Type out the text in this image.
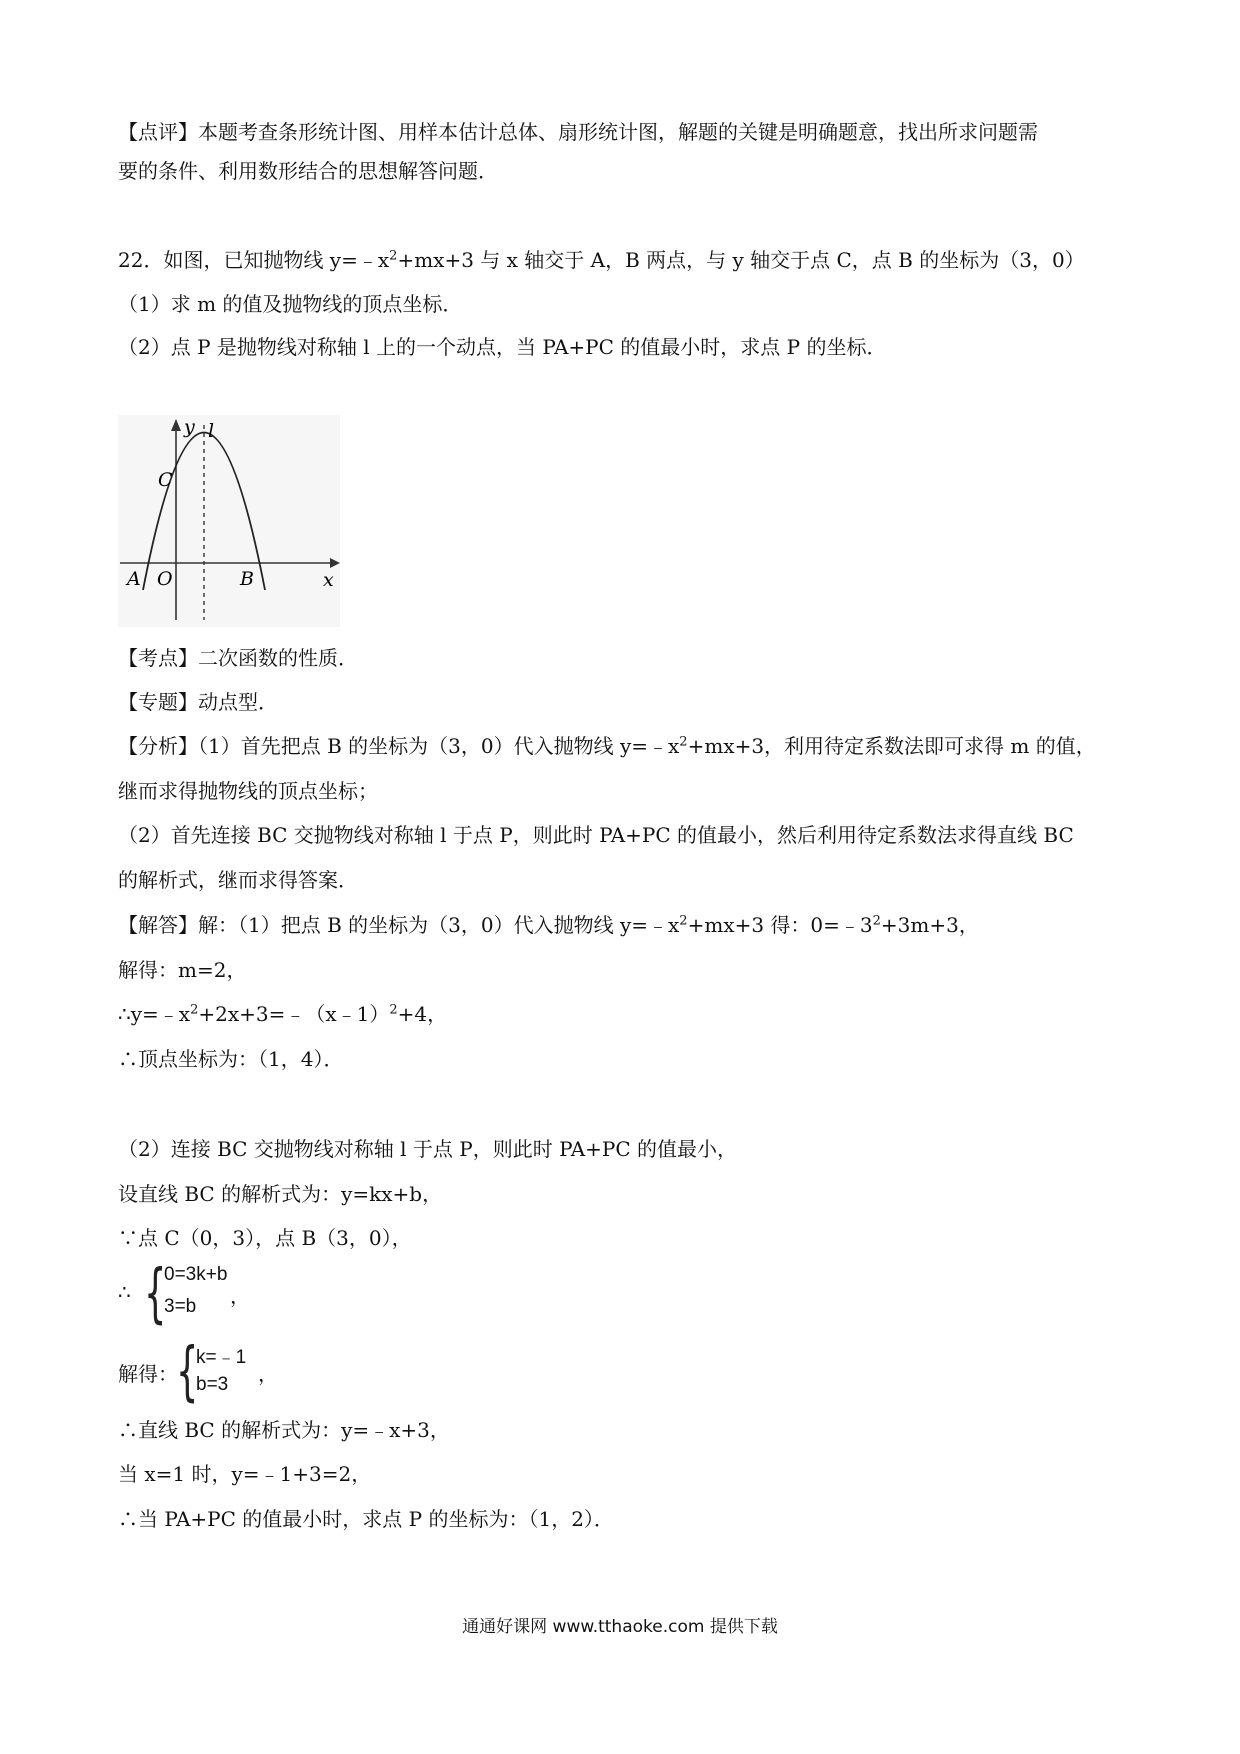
【点评】本题考查条形统计图、用样本估计总体、扇形统计图，解题的关键是明确题意，找出所求问题需
要的条件、利用数形结合的思想解答问题．
22．如图，已知抛物线 $y=﹣x^2+mx+3$ 与 x 轴交于 A，B 两点，与 y 轴交于点 C，点 B 的坐标为（3，0）
（1）求 m 的值及抛物线的顶点坐标．
（2）点 P 是抛物线对称轴 l 上的一个动点，当 PA+PC 的值最小时，求点 P 的坐标．
y l
C
A O	B	x
【考点】二次函数的性质．
【专题】动点型．
【分析】（1）首先把点 B 的坐标为（3，0）代入抛物线 $y=﹣x^2+mx+3$，利用待定系数法即可求得 m 的值，
继而求得抛物线的顶点坐标；
（2）首先连接 BC 交抛物线对称轴 l 于点 P，则此时 PA+PC 的值最小，然后利用待定系数法求得直线 BC
的解析式，继而求得答案．
【解答】解：（1）把点 B 的坐标为（3，0）代入抛物线 $y=﹣x^2+mx+3$ 得：$0=﹣3^2+3m+3$，
解得：m=2，
$\therefore y=﹣x^2+2x+3=﹣(x﹣1)^2+4$，
∴顶点坐标为：（1，4）．
（2）连接 BC 交抛物线对称轴 l 于点 P，则此时 PA+PC 的值最小，
设直线 BC 的解析式为：y=kx+b，
∵点 C（0，3），点 B（3，0），
∴ {
0=3k+b
3=b ，
解得：
{
k=﹣1
b=3 ，
∴直线 BC 的解析式为：y=﹣x+3，
当 x=1 时，y=﹣1+3=2，
∴当 PA+PC 的值最小时，求点 P 的坐标为：（1，2）．
通通好课网 www.tthaoke.com 提供下载
